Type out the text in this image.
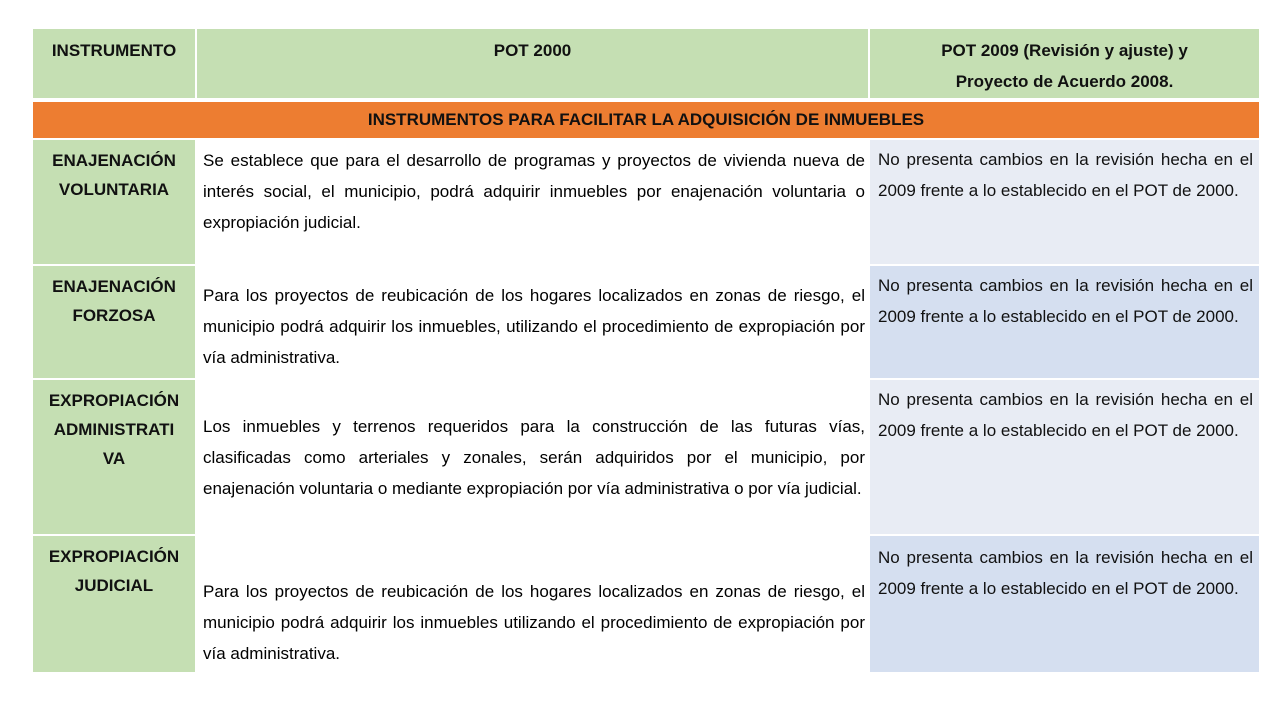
INSTRUMENTO	POT 2000	POT 2009 (Revisión y ajuste) y
Proyecto de Acuerdo 2008.
INSTRUMENTOS PARA FACILITAR LA ADQUISICIÓN DE INMUEBLES
ENAJENACIÓN
VOLUNTARIA
ENAJENACIÓN
FORZOSA
EXPROPIACIÓN
ADMINISTRATI
VA
EXPROPIACIÓN
JUDICIAL

Se establece que para el desarrollo de programas y proyectos de vivienda nueva de interés social, el municipio, podrá adquirir inmuebles por enajenación voluntaria o expropiación judicial.

Para los proyectos de reubicación de los hogares localizados en zonas de riesgo, el municipio podrá adquirir los inmuebles, utilizando el procedimiento de expropiación por vía administrativa.

Los inmuebles y terrenos requeridos para la construcción de las futuras vías, clasificadas como arteriales y zonales, serán adquiridos por el municipio, por enajenación voluntaria o mediante expropiación por vía administrativa o por vía judicial.

Para los proyectos de reubicación de los hogares localizados en zonas de riesgo, el municipio podrá adquirir los inmuebles utilizando el procedimiento de expropiación por vía administrativa.

No presenta cambios en la revisión hecha en el 2009 frente a lo establecido en el POT de 2000.
No presenta cambios en la revisión hecha en el 2009 frente a lo establecido en el POT de 2000.
No presenta cambios en la revisión hecha en el 2009 frente a lo establecido en el POT de 2000.
No presenta cambios en la revisión hecha en el 2009 frente a lo establecido en el POT de 2000.
